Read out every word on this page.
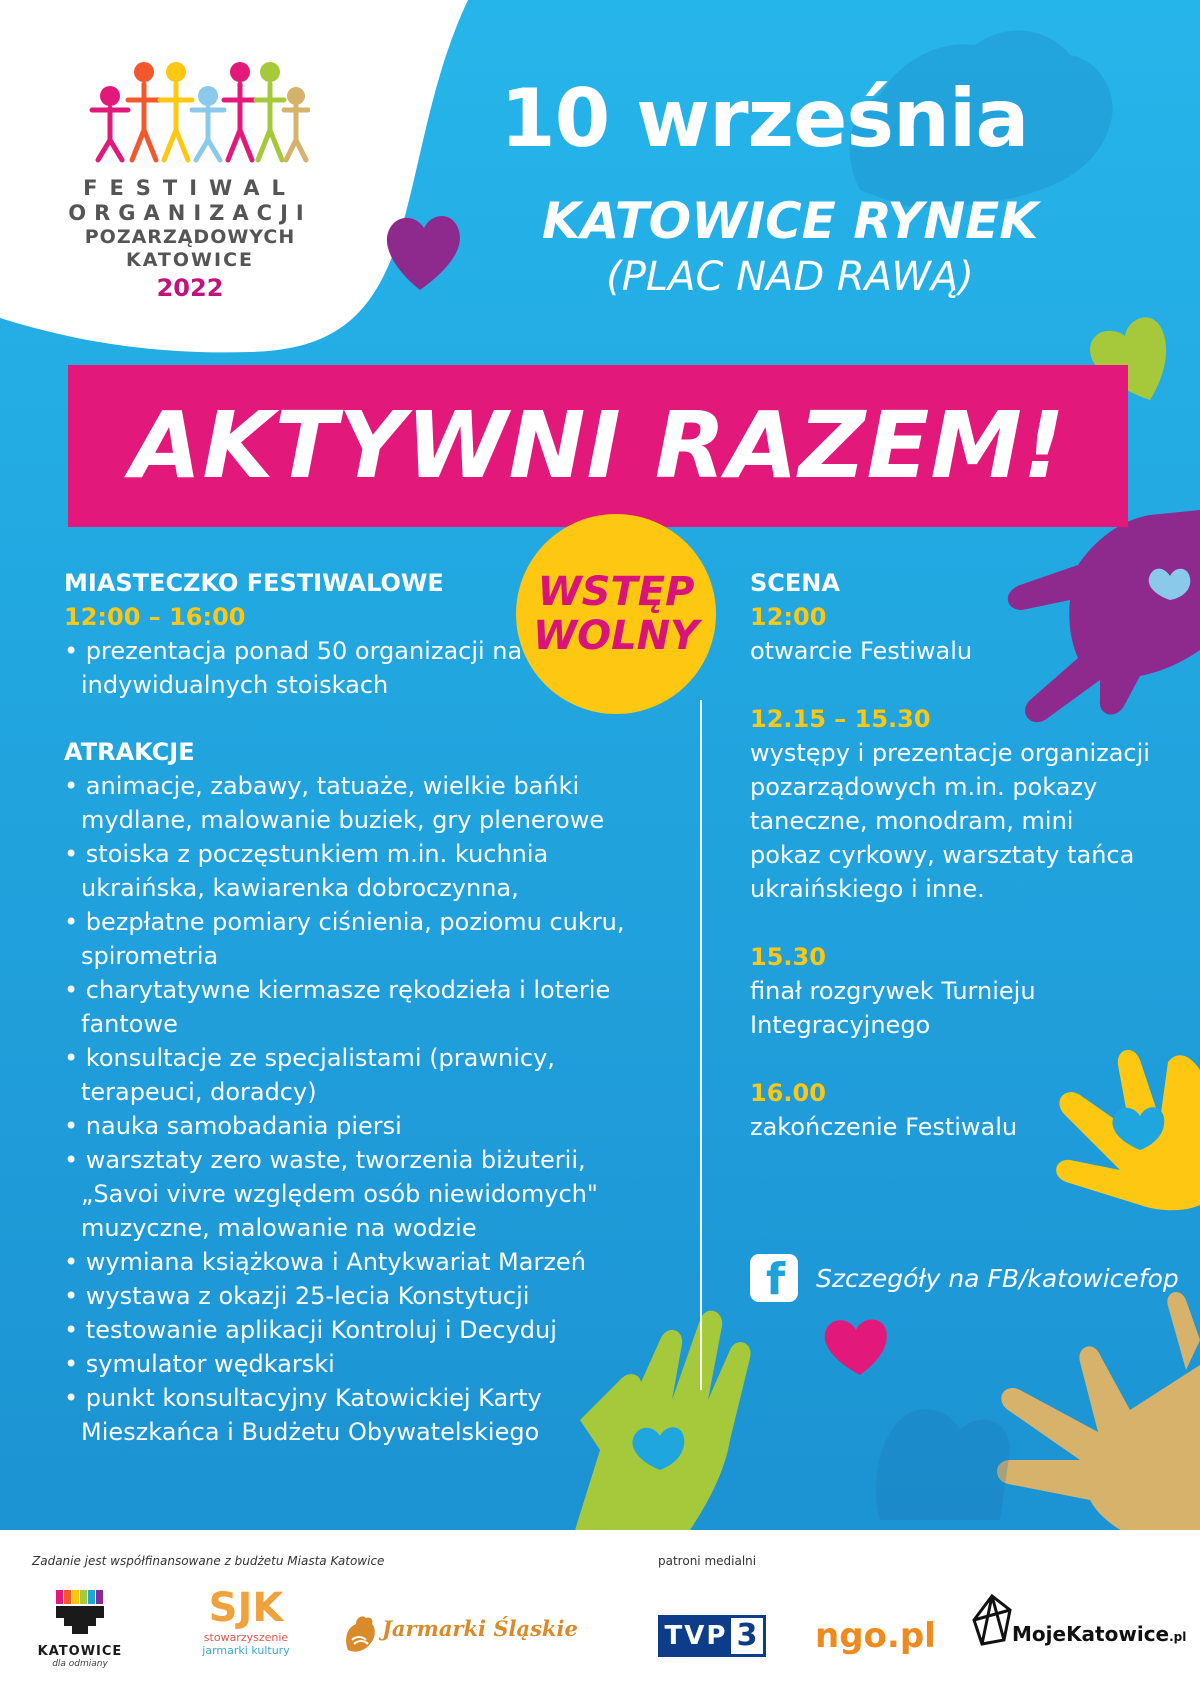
FESTIWAL
ORGANIZACJI
POZARZĄDOWYCH
KATOWICE
2022
10 września
KATOWICE RYNEK
(PLAC NAD RAWĄ)
AKTYWNI RAZEM!
WSTĘP
WOLNY
MIASTECZKO FESTIWALOWE
12:00 – 16:00
• prezentacja ponad 50 organizacji na indywidualnych stoiskach
ATRAKCJE
• animacje, zabawy, tatuaże, wielkie bańki mydlane, malowanie buziek, gry plenerowe
• stoiska z poczęstunkiem m.in. kuchnia ukraińska, kawiarenka dobroczynna,
• bezpłatne pomiary ciśnienia, poziomu cukru, spirometria
• charytatywne kiermasze rękodzieła i loterie fantowe
• konsultacje ze specjalistami (prawnicy, terapeuci, doradcy)
• nauka samobadania piersi
• warsztaty zero waste, tworzenia biżuterii, „Savoi vivre względem osób niewidomych" muzyczne, malowanie na wodzie
• wymiana książkowa i Antykwariat Marzeń
• wystawa z okazji 25-lecia Konstytucji
• testowanie aplikacji Kontroluj i Decyduj
• symulator wędkarski
• punkt konsultacyjny Katowickiej Karty Mieszkańca i Budżetu Obywatelskiego
SCENA
12:00
otwarcie Festiwalu
12.15 – 15.30
występy i prezentacje organizacji pozarządowych m.in. pokazy taneczne, monodram, mini pokaz cyrkowy, warsztaty tańca ukraińskiego i inne.
15.30
finał rozgrywek Turnieju Integracyjnego
16.00
zakończenie Festiwalu
f Szczegóły na FB/katowicefop
Zadanie jest współfinansowane z budżetu Miasta Katowice	patroni medialni
KATOWICE
dla odmiany
SJK
stowarzyszenie
jarmarki kultury
Jarmarki Śląskie	TVP 3 ngo.pl	MojeKatowice.pl
